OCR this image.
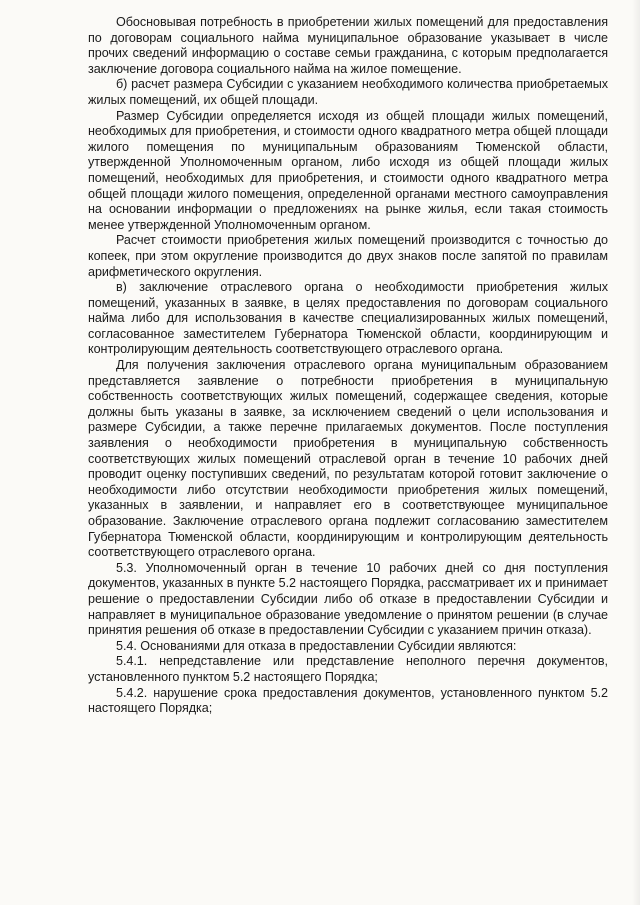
Обосновывая потребность в приобретении жилых помещений для предоставления по договорам социального найма муниципальное образование указывает в числе прочих сведений информацию о составе семьи гражданина, с которым предполагается заключение договора социального найма на жилое помещение.

б) расчет размера Субсидии с указанием необходимого количества приобретаемых жилых помещений, их общей площади.

Размер Субсидии определяется исходя из общей площади жилых помещений, необходимых для приобретения, и стоимости одного квадратного метра общей площади жилого помещения по муниципальным образованиям Тюменской области, утвержденной Уполномоченным органом, либо исходя из общей площади жилых помещений, необходимых для приобретения, и стоимости одного квадратного метра общей площади жилого помещения, определенной органами местного самоуправления на основании информации о предложениях на рынке жилья, если такая стоимость менее утвержденной Уполномоченным органом.

Расчет стоимости приобретения жилых помещений производится с точностью до копеек, при этом округление производится до двух знаков после запятой по правилам арифметического округления.

в) заключение отраслевого органа о необходимости приобретения жилых помещений, указанных в заявке, в целях предоставления по договорам социального найма либо для использования в качестве специализированных жилых помещений, согласованное заместителем Губернатора Тюменской области, координирующим и контролирующим деятельность соответствующего отраслевого органа.

Для получения заключения отраслевого органа муниципальным образованием представляется заявление о потребности приобретения в муниципальную собственность соответствующих жилых помещений, содержащее сведения, которые должны быть указаны в заявке, за исключением сведений о цели использования и размере Субсидии, а также перечне прилагаемых документов. После поступления заявления о необходимости приобретения в муниципальную собственность соответствующих жилых помещений отраслевой орган в течение 10 рабочих дней проводит оценку поступивших сведений, по результатам которой готовит заключение о необходимости либо отсутствии необходимости приобретения жилых помещений, указанных в заявлении, и направляет его в соответствующее муниципальное образование. Заключение отраслевого органа подлежит согласованию заместителем Губернатора Тюменской области, координирующим и контролирующим деятельность соответствующего отраслевого органа.

5.3. Уполномоченный орган в течение 10 рабочих дней со дня поступления документов, указанных в пункте 5.2 настоящего Порядка, рассматривает их и принимает решение о предоставлении Субсидии либо об отказе в предоставлении Субсидии и направляет в муниципальное образование уведомление о принятом решении (в случае принятия решения об отказе в предоставлении Субсидии с указанием причин отказа).

5.4. Основаниями для отказа в предоставлении Субсидии являются:

5.4.1. непредставление или представление неполного перечня документов, установленного пунктом 5.2 настоящего Порядка;

5.4.2. нарушение срока предоставления документов, установленного пунктом 5.2 настоящего Порядка;
